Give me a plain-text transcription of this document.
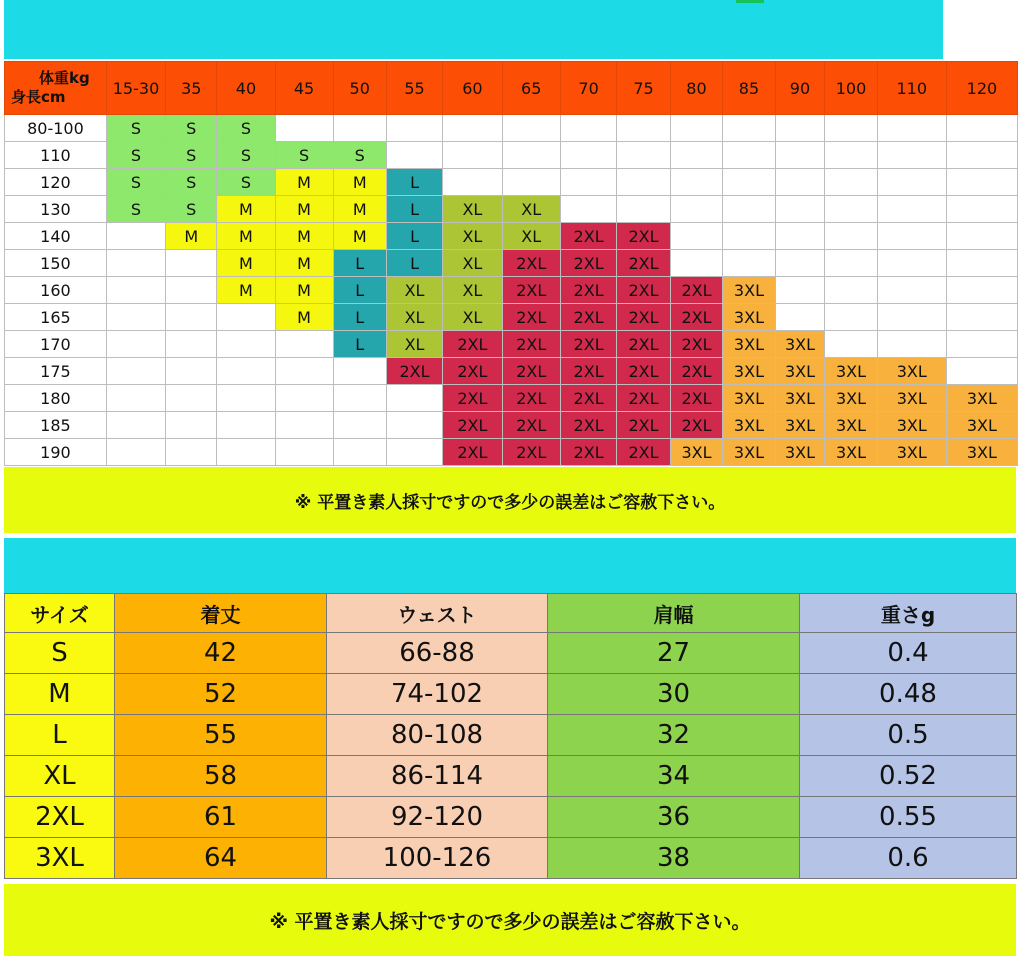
体重kg
身長cm	15-30	35	40	45	50	55	60	65	70	75	80	85	90	100	110	120
80-100	S	S	S													
110	S	S	S	S	S											
120	S	S	S	M	M	L										
130	S	S	M	M	M	L	XL	XL								
140		M	M	M	M	L	XL	XL	2XL	2XL						
150			M	M	L	L	XL	2XL	2XL	2XL						
160			M	M	L	XL	XL	2XL	2XL	2XL	2XL	3XL				
165				M	L	XL	XL	2XL	2XL	2XL	2XL	3XL				
170					L	XL	2XL	2XL	2XL	2XL	2XL	3XL	3XL			
175						2XL	2XL	2XL	2XL	2XL	2XL	3XL	3XL	3XL	3XL	
180							2XL	2XL	2XL	2XL	2XL	3XL	3XL	3XL	3XL	3XL
185							2XL	2XL	2XL	2XL	2XL	3XL	3XL	3XL	3XL	3XL
190							2XL	2XL	2XL	2XL	3XL	3XL	3XL	3XL	3XL	3XL
※ 平置き素人採寸ですので多少の誤差はご容赦下さい。
サイズ	着丈	ウェスト	肩幅	重さg
S	42	66-88	27	0.4
M	52	74-102	30	0.48
L	55	80-108	32	0.5
XL	58	86-114	34	0.52
2XL	61	92-120	36	0.55
3XL	64	100-126	38	0.6
※ 平置き素人採寸ですので多少の誤差はご容赦下さい。
